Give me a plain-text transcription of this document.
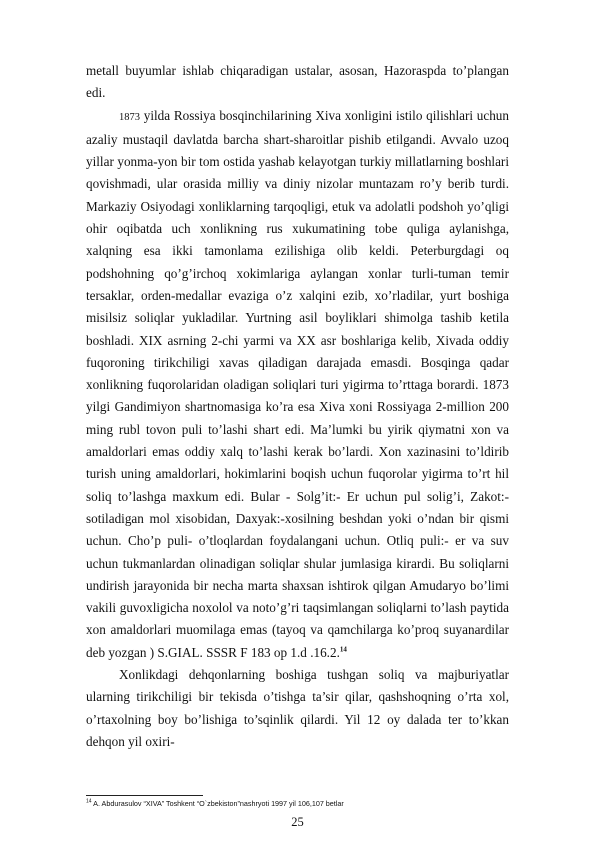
metall buyumlar ishlab chiqaradigan ustalar, asosan, Hazoraspda to’plangan edi.

1873 yilda Rossiya bosqinchilarining Xiva xonligini istilo qilishlari uchun azaliy mustaqil davlatda barcha shart-sharoitlar pishib etilgandi. Avvalo uzoq yillar yonma-yon bir tom ostida yashab kelayotgan turkiy millatlarning boshlari qovishmadi, ular orasida milliy va diniy nizolar muntazam ro’y berib turdi. Markaziy Osiyodagi xonliklarning tarqoqligi, etuk va adolatli podshoh yo’qligi ohir oqibatda uch xonlikning rus xukumatining tobe quliga aylanishga, xalqning esa ikki tamonlama ezilishiga olib keldi. Peterburgdagi oq podshohning qo’g’irchoq xokimlariga aylangan xonlar turli-tuman temir tersaklar, orden-medallar evaziga o’z xalqini ezib, xo’rladilar, yurt boshiga misilsiz soliqlar yukladilar. Yurtning asil boyliklari shimolga tashib ketila boshladi. XIX asrning 2-chi yarmi va XX asr boshlariga kelib, Xivada oddiy fuqoroning tirikchiligi xavas qiladigan darajada emasdi. Bosqinga qadar xonlikning fuqorolaridan oladigan soliqlari turi yigirma to’rttaga borardi. 1873 yilgi Gandimiyon shartnomasiga ko’ra esa Xiva xoni Rossiyaga 2-million 200 ming rubl tovon puli to’lashi shart edi. Ma’lumki bu yirik qiymatni xon va amaldorlari emas oddiy xalq to’lashi kerak bo’lardi. Xon xazinasini to’ldirib turish uning amaldorlari, hokimlarini boqish uchun fuqorolar yigirma to’rt hil soliq to’lashga maxkum edi. Bular - Solg’it:- Er uchun pul solig’i, Zakot:-sotiladigan mol xisobidan, Daxyak:-xosilning beshdan yoki o’ndan bir qismi uchun. Cho’p puli- o’tloqlardan foydalangani uchun. Otliq puli:- er va suv uchun tukmanlardan olinadigan soliqlar shular jumlasiga kirardi. Bu soliqlarni undirish jarayonida bir necha marta shaxsan ishtirok qilgan Amudaryo bo’limi vakili guvoxligicha noxolol va noto’g’ri taqsimlangan soliqlarni to’lash paytida xon amaldorlari muomilaga emas (tayoq va qamchilarga ko’proq suyanardilar deb yozgan ) S.GIAL. SSSR F 183 op 1.d .16.2.14

Xonlikdagi dehqonlarning boshiga tushgan soliq va majburiyatlar ularning tirikchiligi bir tekisda o’tishga ta’sir qilar, qashshoqning o’rta xol, o’rtaxolning boy bo’lishiga to’sqinlik qilardi. Yil 12 oy dalada ter to’kkan dehqon yil oxiri-

$^{14}$ A. Abdurasulov “XIVA” Toshkent “O`zbekiston”nashryoti 1997 yil 106,107 betlar
25
